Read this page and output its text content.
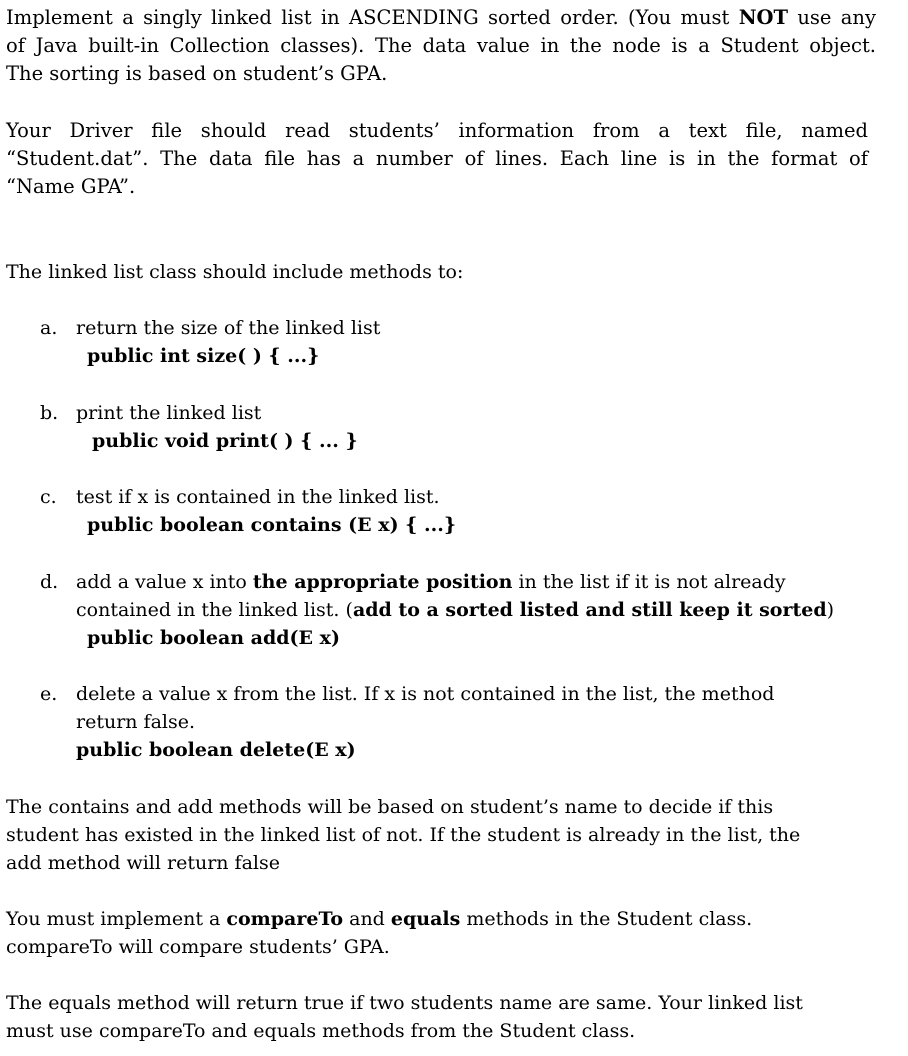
Implement a singly linked list in ASCENDING sorted order. (You must NOT use any
of Java built-in Collection classes). The data value in the node is a Student object.
The sorting is based on student’s GPA.
Your Driver file should read students’ information from a text file, named
“Student.dat”. The data file has a number of lines. Each line is in the format of
“Name GPA”.
The linked list class should include methods to:
a. return the size of the linked list
public int size( ) { ...}
b. print the linked list
public void print( ) { ... }
c.	test if x is contained in the linked list.
public boolean contains (E x) { ...}
d. add a value x into the appropriate position in the list if it is not already
contained in the linked list. (add to a sorted listed and still keep it sorted)
public boolean add(E x)
e. delete a value x from the list. If x is not contained in the list, the method
return false.
public boolean delete(E x)
The contains and add methods will be based on student’s name to decide if this
student has existed in the linked list of not. If the student is already in the list, the
add method will return false
You must implement a compareTo and equals methods in the Student class.
compareTo will compare students’ GPA.
The equals method will return true if two students name are same. Your linked list
must use compareTo and equals methods from the Student class.
